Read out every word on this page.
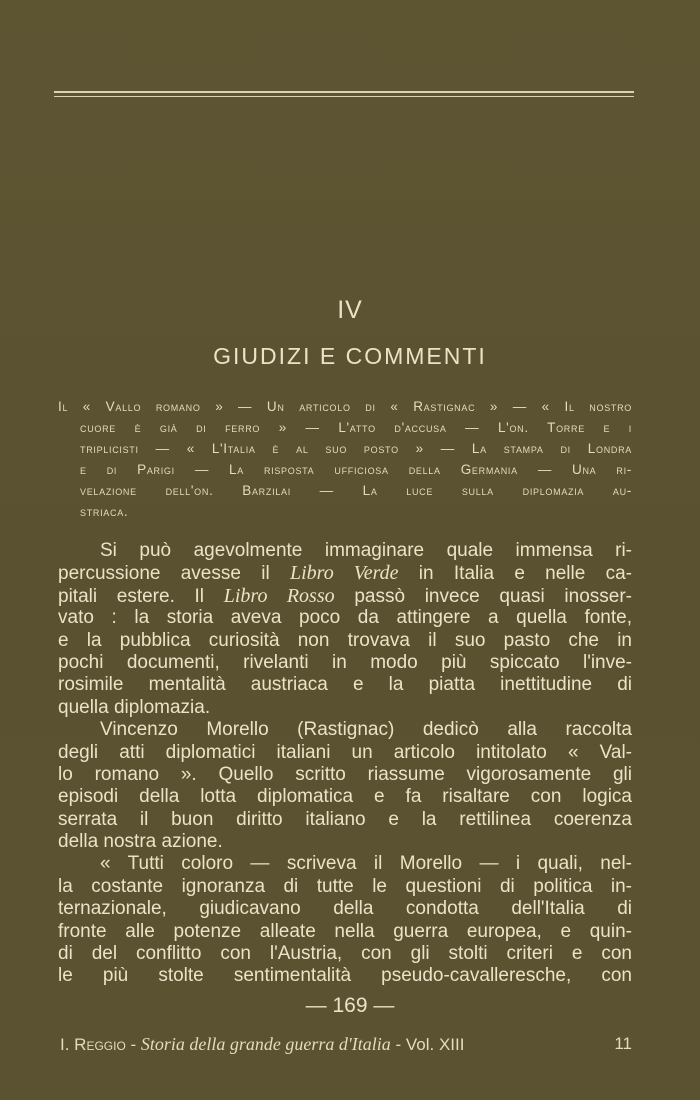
IV
GIUDIZI E COMMENTI
Il « Vallo romano » — Un articolo di « Rastignac » — « Il nostro
cuore è già di ferro » — L'atto d'accusa — L'on. Torre e i
triplicisti — « L'Italia è al suo posto » — La stampa di Londra
e di Parigi — La risposta ufficiosa della Germania — Una ri-
velazione dell'on. Barzilai — La luce sulla diplomazia au-
striaca.
Si può agevolmente immaginare quale immensa ri-
percussione avesse il Libro Verde in Italia e nelle ca-
pitali estere. Il Libro Rosso passò invece quasi inosser-
vato : la storia aveva poco da attingere a quella fonte,
e la pubblica curiosità non trovava il suo pasto che in
pochi documenti, rivelanti in modo più spiccato l'inve-
rosimile mentalità austriaca e la piatta inettitudine di
quella diplomazia.
Vincenzo Morello (Rastignac) dedicò alla raccolta
degli atti diplomatici italiani un articolo intitolato « Val-
lo romano ». Quello scritto riassume vigorosamente gli
episodi della lotta diplomatica e fa risaltare con logica
serrata il buon diritto italiano e la rettilinea coerenza
della nostra azione.
« Tutti coloro — scriveva il Morello — i quali, nel-
la costante ignoranza di tutte le questioni di politica in-
ternazionale, giudicavano della condotta dell'Italia di
fronte alle potenze alleate nella guerra europea, e quin-
di del conflitto con l'Austria, con gli stolti criteri e con
le più stolte sentimentalità pseudo-cavalleresche, con
— 169 —
I. Reggio - Storia della grande guerra d'Italia - Vol. XIII	11
